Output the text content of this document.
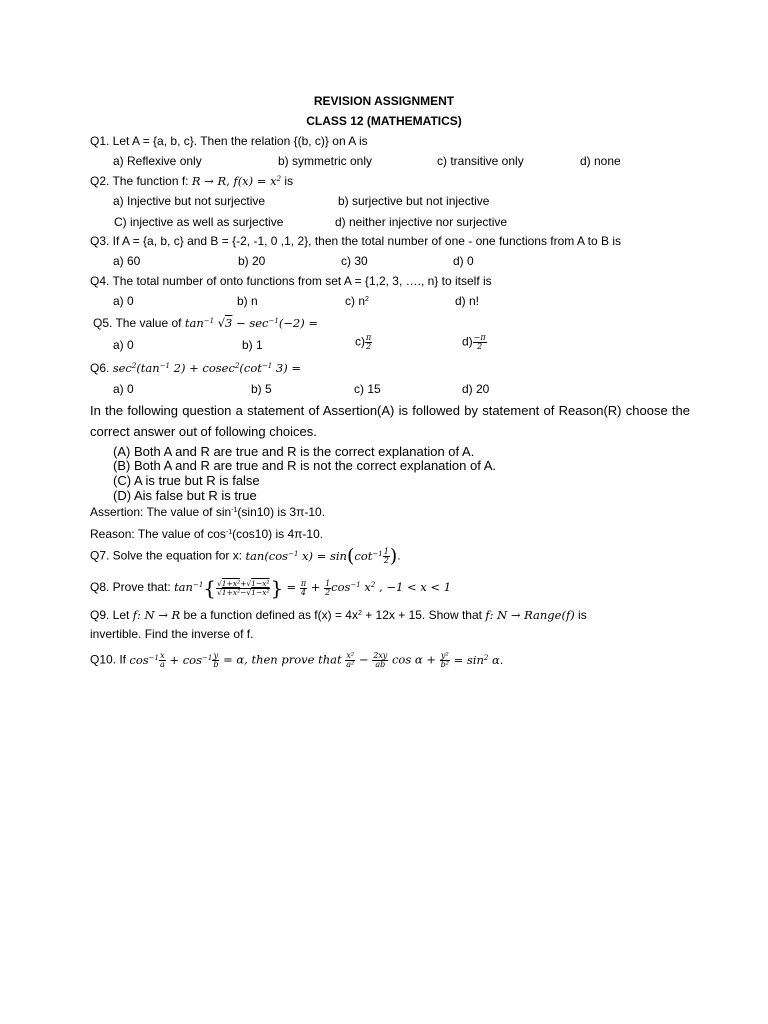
REVISION ASSIGNMENT
CLASS 12 (MATHEMATICS)
Q1. Let A = {a, b, c}. Then the relation {(b, c)} on A is
a) Reflexive only	b) symmetric only	c) transitive only	d) none
Q2. The function f: R → R, $f(x) = x^2$ is
a) Injective but not surjective	b) surjective but not injective
C) injective as well as surjective	d) neither injective nor surjective
Q3. If A = {a, b, c} and B = {-2, -1, 0 ,1, 2}, then the total number of one - one functions from A to B is
a) 60	b) 20	c) 30	d) 0
Q4. The total number of onto functions from set A = {1,2, 3, …., n} to itself is
a) 0	b) n	c) $n^2$	d) n!
Q5. The value of $\tan^{-1} √3 - \sec^{-1}(-2)$ =
a) 0	b) 1	$c) \frac{\pi}{2}$	$d) \frac{-\pi}{2}$
Q6. $\sec^2(\tan^{-1}$ $2) + cosec^2(\cot^{-1}$ 3) =
a) 0	b) 5	c) 15	d) 20
In the following question a statement of Assertion(A) is followed by statement of Reason(R) choose the correct answer out of following choices.
(A) Both A and R are true and R is the correct explanation of A.
(B) Both A and R are true and R is not the correct explanation of A.
(C) A is true but R is false
(D) Ais false but R is true
Assertion: The value of $\sin^{-1}(\sin 10)$ is 3π-10.
Reason: The value of $\cos^{-1}(\cos 10)$ is 4π-10.
Q7. Solve the equation for x: $\tan(\cos^{-1}$ $x) = \sin(\cot^{-1} \frac{1}{2}$ ).
Q8. Prove that: $\tan^{-1}\{ \frac{\text{√1+x²+√1−x²}}{\text{√1+x²−√1−x²}}$ } = $\frac{\pi}{4} + \frac{1}{2} \cos^{-1} x^2$ , −1 < x < 1
Q9. Let f: N → R be a function defined as $f(x) = 4x^2 + 12x + 15$. Show that f: N → Range(f) is
invertible. Find the inverse of f.
Q10. If $\cos^{-1} \frac{x}{a} + \cos^{-1} \frac{y}{b} = \alpha$, then prove that $\frac{\text{x²}}{\text{a²}} - \frac{2xy}{ab}$ $\cos \alpha + \frac{\text{y²}}{\text{b²}} = \sin^2 \alpha$.
